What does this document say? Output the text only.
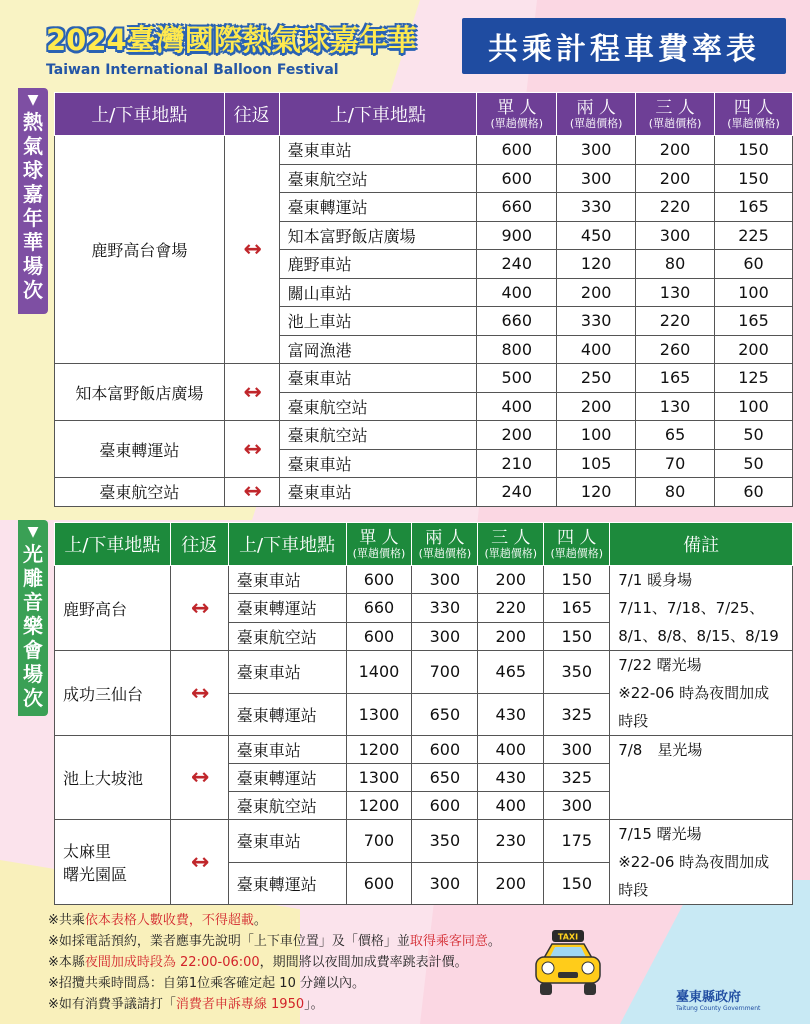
2024臺灣國際熱氣球嘉年華
Taiwan International Balloon Festival
共乘計程車費率表
▼
熱
氣
球
嘉
年
華
場
次
▼
光
雕
音
樂
會
場
次
上/下車地點	往返	上/下車地點	單 人
(單趟價格)	兩 人
(單趟價格)	三 人
(單趟價格)	四 人
(單趟價格)

鹿野高台會場	↔	臺東車站	600	300	200	150
		臺東航空站	600	300	200	150
		臺東轉運站	660	330	220	165
		知本富野飯店廣場	900	450	300	225
		鹿野車站	240	120	80	60
		關山車站	400	200	130	100
		池上車站	660	330	220	165
		富岡漁港	800	400	260	200
知本富野飯店廣場	↔	臺東車站	500	250	165	125
		臺東航空站	400	200	130	100
臺東轉運站	↔	臺東航空站	200	100	65	50
		臺東車站	210	105	70	50
臺東航空站	↔	臺東車站	240	120	80	60
上/下車地點	往返	上/下車地點	單 人
(單趟價格)	兩 人
(單趟價格)	三 人
(單趟價格)	四 人
(單趟價格)	備註
鹿野高台	↔	臺東車站	600	300	200	150	7/1 暖身場
7/11、7/18、7/25、
8/1、8/8、8/15、8/19
		臺東轉運站	660	330	220	165	
		臺東航空站	600	300	200	150	
成功三仙台	↔	臺東車站	1400	700	465	350	7/22 曙光場
※22-06 時為夜間加成
時段
		臺東轉運站	1300	650	430	325	
池上大坡池	↔	臺東車站	1200	600	400	300	7/8　星光場
		臺東轉運站	1300	650	430	325	
		臺東航空站	1200	600	400	300	
太麻里
曙光園區	↔	臺東車站	700	350	230	175	7/15 曙光場
※22-06 時為夜間加成
時段
		臺東轉運站	600	300	200	150	
※共乘依本表格人數收費，不得超載。
※如採電話預約，業者應事先說明「上下車位置」及「價格」並取得乘客同意。
※本縣夜間加成時段為 22:00-06:00，期間將以夜間加成費率跳表計價。
※招攬共乘時間爲：自第1位乘客確定起 10 分鐘以內。
※如有消費爭議請打「消費者申訴專線 1950」。
TAXI
臺東縣政府
Taitung County Government
